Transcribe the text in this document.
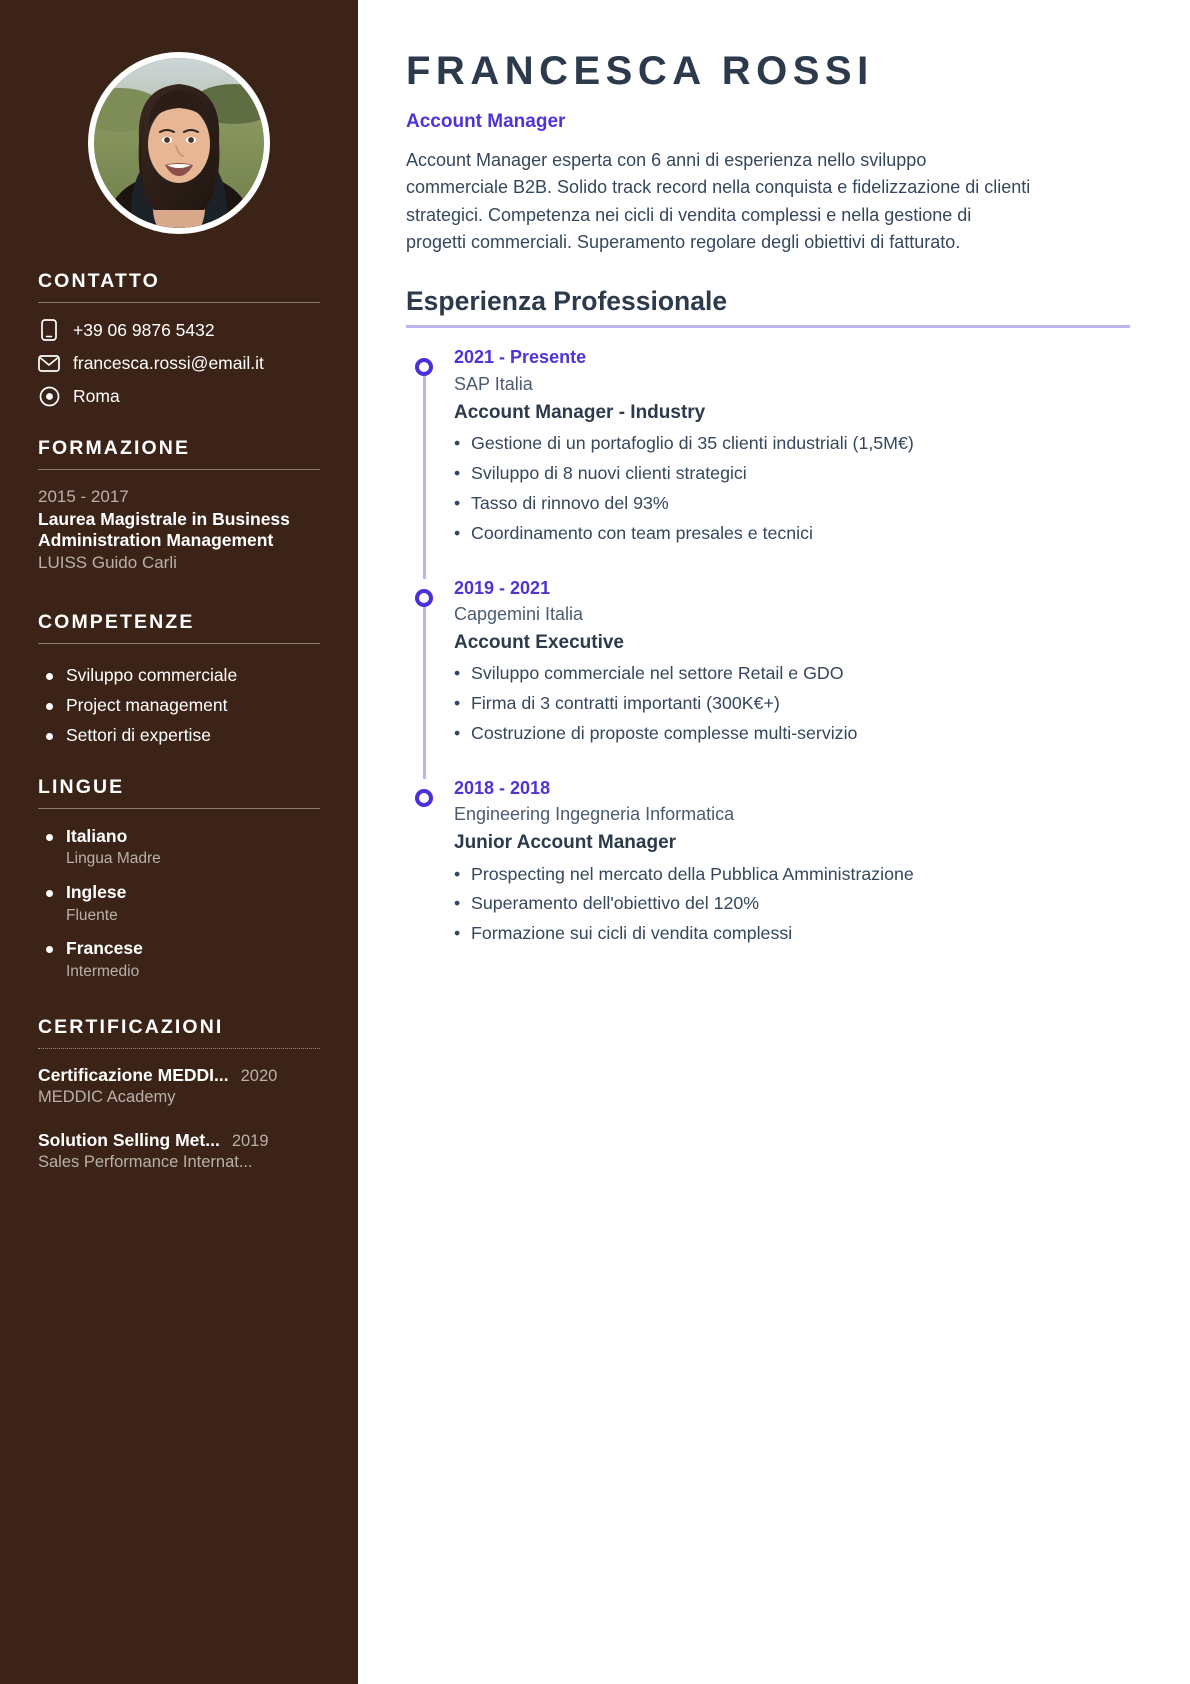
CONTATTO
+39 06 9876 5432
francesca.rossi@email.it
Roma
FORMAZIONE
2015 - 2017
Laurea Magistrale in Business Administration Management
LUISS Guido Carli
COMPETENZE
Sviluppo commerciale
Project management
Settori di expertise
LINGUE
Italiano
Lingua Madre
Inglese
Fluente
Francese
Intermedio
CERTIFICAZIONI
Certificazione MEDDI... 2020
MEDDIC Academy
Solution Selling Met... 2019
Sales Performance Internat...
FRANCESCA ROSSI
Account Manager

Account Manager esperta con 6 anni di esperienza nello sviluppo commerciale B2B. Solido track record nella conquista e fidelizzazione di clienti strategici. Competenza nei cicli di vendita complessi e nella gestione di progetti commerciali. Superamento regolare degli obiettivi di fatturato.

Esperienza Professionale
2021 - Presente
SAP Italia
Account Manager - Industry
• Gestione di un portafoglio di 35 clienti industriali (1,5M€)
• Sviluppo di 8 nuovi clienti strategici
• Tasso di rinnovo del 93%
• Coordinamento con team presales e tecnici
2019 - 2021
Capgemini Italia
Account Executive
• Sviluppo commerciale nel settore Retail e GDO
• Firma di 3 contratti importanti (300K€+)
• Costruzione di proposte complesse multi-servizio
2018 - 2018
Engineering Ingegneria Informatica
Junior Account Manager
• Prospecting nel mercato della Pubblica Amministrazione
• Superamento dell'obiettivo del 120%
• Formazione sui cicli di vendita complessi
